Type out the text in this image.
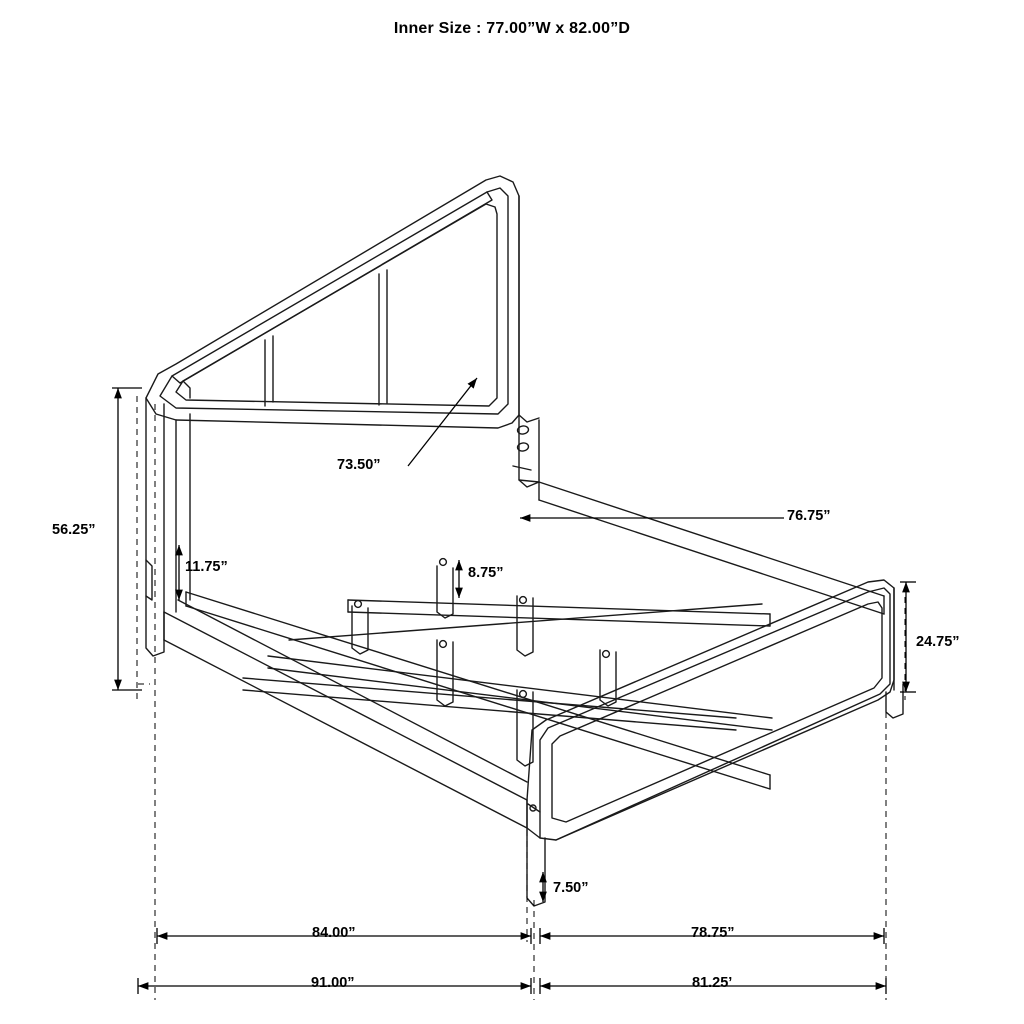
Inner Size : 77.00”W x 82.00”D
56.25”
73.50”
76.75”
11.75”	8.75”
24.75”
7.50”
84.00”	78.75”
91.00”	81.25’
